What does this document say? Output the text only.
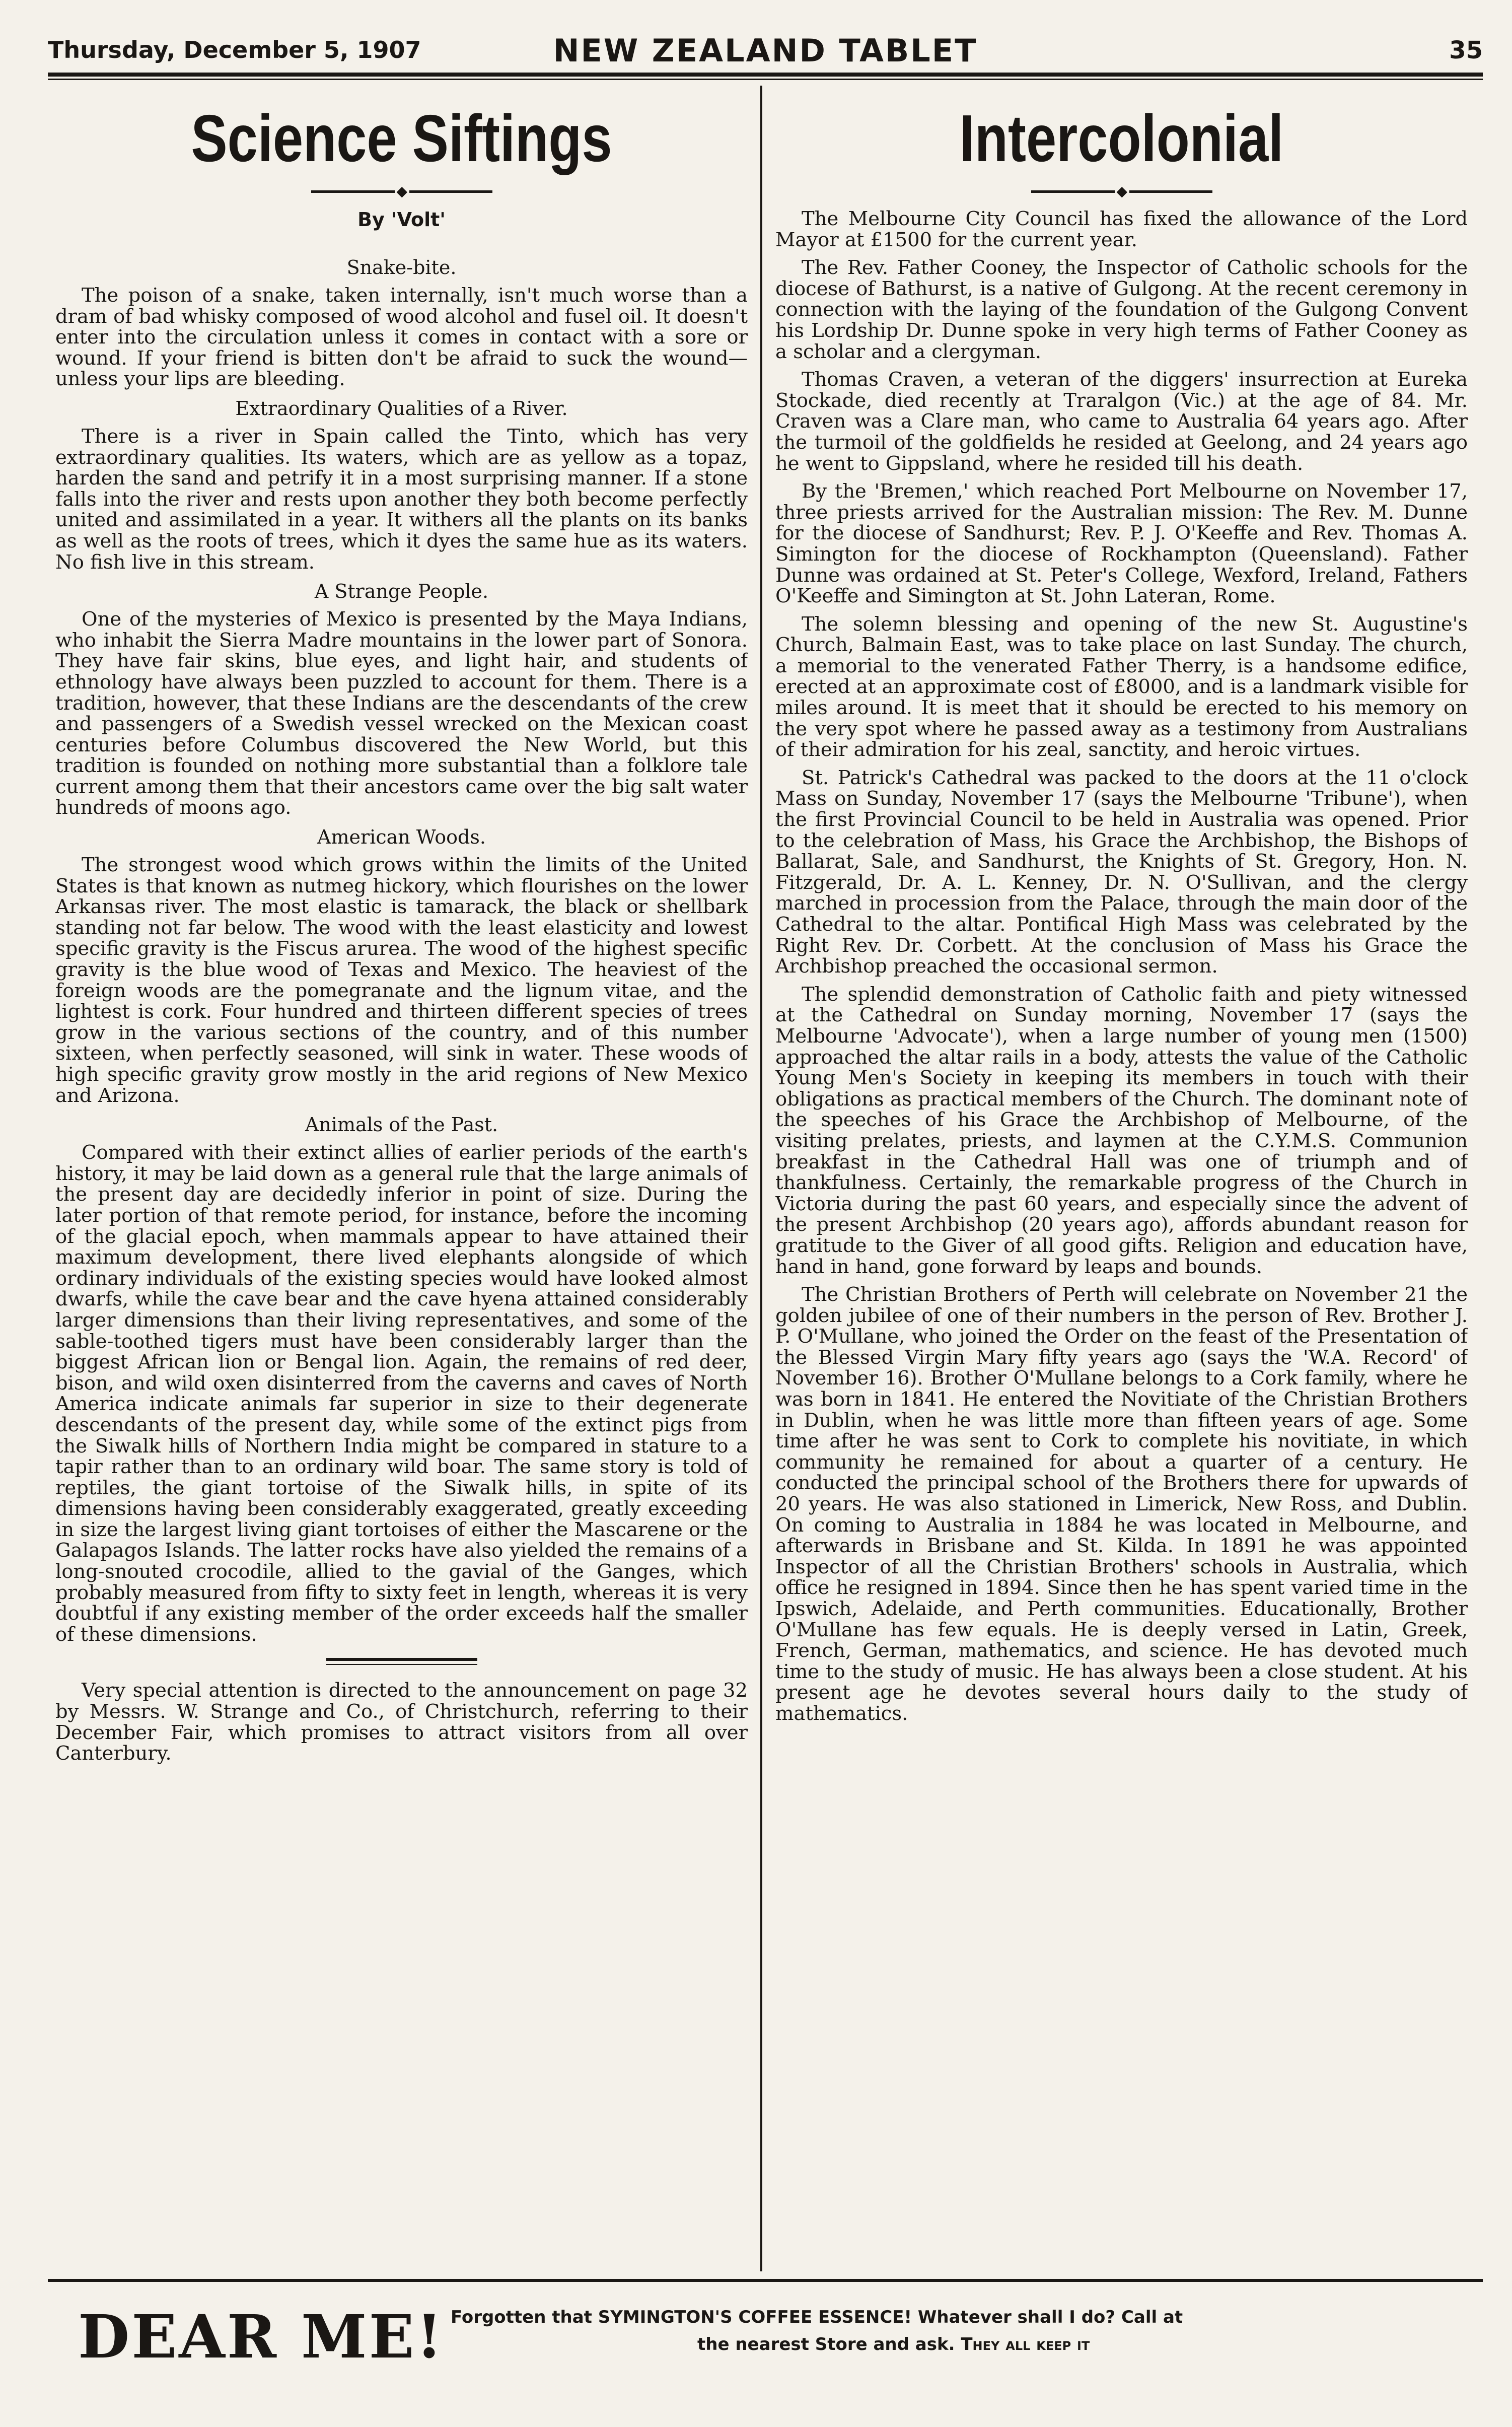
Thursday, December 5, 1907	NEW ZEALAND TABLET	35
Science Siftings
◆
By 'Volt'
Snake-bite.

The poison of a snake, taken internally, isn't much worse than a dram of bad whisky composed of wood alcohol and fusel oil. It doesn't enter into the circulation unless it comes in contact with a sore or wound. If your friend is bitten don't be afraid to suck the wound—unless your lips are bleeding.

Extraordinary Qualities of a River.

There is a river in Spain called the Tinto, which has very extraordinary qualities. Its waters, which are as yellow as a topaz, harden the sand and petrify it in a most surprising manner. If a stone falls into the river and rests upon another they both become perfectly united and assimilated in a year. It withers all the plants on its banks as well as the roots of trees, which it dyes the same hue as its waters. No fish live in this stream.

A Strange People.

One of the mysteries of Mexico is presented by the Maya Indians, who inhabit the Sierra Madre mountains in the lower part of Sonora. They have fair skins, blue eyes, and light hair, and students of ethnology have always been puzzled to account for them. There is a tradition, however, that these Indians are the descendants of the crew and passengers of a Swedish vessel wrecked on the Mexican coast centuries before Columbus discovered the New World, but this tradition is founded on nothing more substantial than a folklore tale current among them that their ancestors came over the big salt water hundreds of moons ago.

American Woods.

The strongest wood which grows within the limits of the United States is that known as nutmeg hickory, which flourishes on the lower Arkansas river. The most elastic is tamarack, the black or shellbark standing not far below. The wood with the least elasticity and lowest specific gravity is the Fiscus arurea. The wood of the highest specific gravity is the blue wood of Texas and Mexico. The heaviest of the foreign woods are the pomegranate and the lignum vitae, and the lightest is cork. Four hundred and thirteen different species of trees grow in the various sections of the country, and of this number sixteen, when perfectly seasoned, will sink in water. These woods of high specific gravity grow mostly in the arid regions of New Mexico and Arizona.

Animals of the Past.

Compared with their extinct allies of earlier periods of the earth's history, it may be laid down as a general rule that the large animals of the present day are decidedly inferior in point of size. During the later portion of that remote period, for instance, before the incoming of the glacial epoch, when mammals appear to have attained their maximum development, there lived elephants alongside of which ordinary individuals of the existing species would have looked almost dwarfs, while the cave bear and the cave hyena attained considerably larger dimensions than their living representatives, and some of the sable-toothed tigers must have been considerably larger than the biggest African lion or Bengal lion. Again, the remains of red deer, bison, and wild oxen disinterred from the caverns and caves of North America indicate animals far superior in size to their degenerate descendants of the present day, while some of the extinct pigs from the Siwalk hills of Northern India might be compared in stature to a tapir rather than to an ordinary wild boar. The same story is told of reptiles, the giant tortoise of the Siwalk hills, in spite of its dimensions having been considerably exaggerated, greatly exceeding in size the largest living giant tortoises of either the Mascarene or the Galapagos Islands. The latter rocks have also yielded the remains of a long-snouted crocodile, allied to the gavial of the Ganges, which probably measured from fifty to sixty feet in length, whereas it is very doubtful if any existing member of the order exceeds half the smaller of these dimensions.

Very special attention is directed to the announcement on page 32 by Messrs. W. Strange and Co., of Christchurch, referring to their December Fair, which promises to attract visitors from all over Canterbury.

Intercolonial
◆

The Melbourne City Council has fixed the allowance of the Lord Mayor at £1500 for the current year.

The Rev. Father Cooney, the Inspector of Catholic schools for the diocese of Bathurst, is a native of Gulgong. At the recent ceremony in connection with the laying of the foundation of the Gulgong Convent his Lordship Dr. Dunne spoke in very high terms of Father Cooney as a scholar and a clergyman.

Thomas Craven, a veteran of the diggers' insurrection at Eureka Stockade, died recently at Traralgon (Vic.) at the age of 84. Mr. Craven was a Clare man, who came to Australia 64 years ago. After the turmoil of the goldfields he resided at Geelong, and 24 years ago he went to Gippsland, where he resided till his death.

By the 'Bremen,' which reached Port Melbourne on November 17, three priests arrived for the Australian mission: The Rev. M. Dunne for the diocese of Sandhurst; Rev. P. J. O'Keeffe and Rev. Thomas A. Simington for the diocese of Rockhampton (Queensland). Father Dunne was ordained at St. Peter's College, Wexford, Ireland, Fathers O'Keeffe and Simington at St. John Lateran, Rome.

The solemn blessing and opening of the new St. Augustine's Church, Balmain East, was to take place on last Sunday. The church, a memorial to the venerated Father Therry, is a handsome edifice, erected at an approximate cost of £8000, and is a landmark visible for miles around. It is meet that it should be erected to his memory on the very spot where he passed away as a testimony from Australians of their admiration for his zeal, sanctity, and heroic virtues.

St. Patrick's Cathedral was packed to the doors at the 11 o'clock Mass on Sunday, November 17 (says the Melbourne 'Tribune'), when the first Provincial Council to be held in Australia was opened. Prior to the celebration of Mass, his Grace the Archbishop, the Bishops of Ballarat, Sale, and Sandhurst, the Knights of St. Gregory, Hon. N. Fitzgerald, Dr. A. L. Kenney, Dr. N. O'Sullivan, and the clergy marched in procession from the Palace, through the main door of the Cathedral to the altar. Pontifical High Mass was celebrated by the Right Rev. Dr. Corbett. At the conclusion of Mass his Grace the Archbishop preached the occasional sermon.

The splendid demonstration of Catholic faith and piety witnessed at the Cathedral on Sunday morning, November 17 (says the Melbourne 'Advocate'), when a large number of young men (1500) approached the altar rails in a body, attests the value of the Catholic Young Men's Society in keeping its members in touch with their obligations as practical members of the Church. The dominant note of the speeches of his Grace the Archbishop of Melbourne, of the visiting prelates, priests, and laymen at the C.Y.M.S. Communion breakfast in the Cathedral Hall was one of triumph and of thankfulness. Certainly, the remarkable progress of the Church in Victoria during the past 60 years, and especially since the advent of the present Archbishop (20 years ago), affords abundant reason for gratitude to the Giver of all good gifts. Religion and education have, hand in hand, gone forward by leaps and bounds.

The Christian Brothers of Perth will celebrate on November 21 the golden jubilee of one of their numbers in the person of Rev. Brother J. P. O'Mullane, who joined the Order on the feast of the Presentation of the Blessed Virgin Mary fifty years ago (says the 'W.A. Record' of November 16). Brother O'Mullane belongs to a Cork family, where he was born in 1841. He entered the Novitiate of the Christian Brothers in Dublin, when he was little more than fifteen years of age. Some time after he was sent to Cork to complete his novitiate, in which community he remained for about a quarter of a century. He conducted the principal school of the Brothers there for upwards of 20 years. He was also stationed in Limerick, New Ross, and Dublin. On coming to Australia in 1884 he was located in Melbourne, and afterwards in Brisbane and St. Kilda. In 1891 he was appointed Inspector of all the Christian Brothers' schools in Australia, which office he resigned in 1894. Since then he has spent varied time in the Ipswich, Adelaide, and Perth communities. Educationally, Brother O'Mullane has few equals. He is deeply versed in Latin, Greek, French, German, mathematics, and science. He has devoted much time to the study of music. He has always been a close student. At his present age he devotes several hours daily to the study of mathematics.

DEAR ME! Forgotten that SYMINGTON'S COFFEE ESSENCE! Whatever shall I do? Call at
the nearest Store and ask. They all keep it
